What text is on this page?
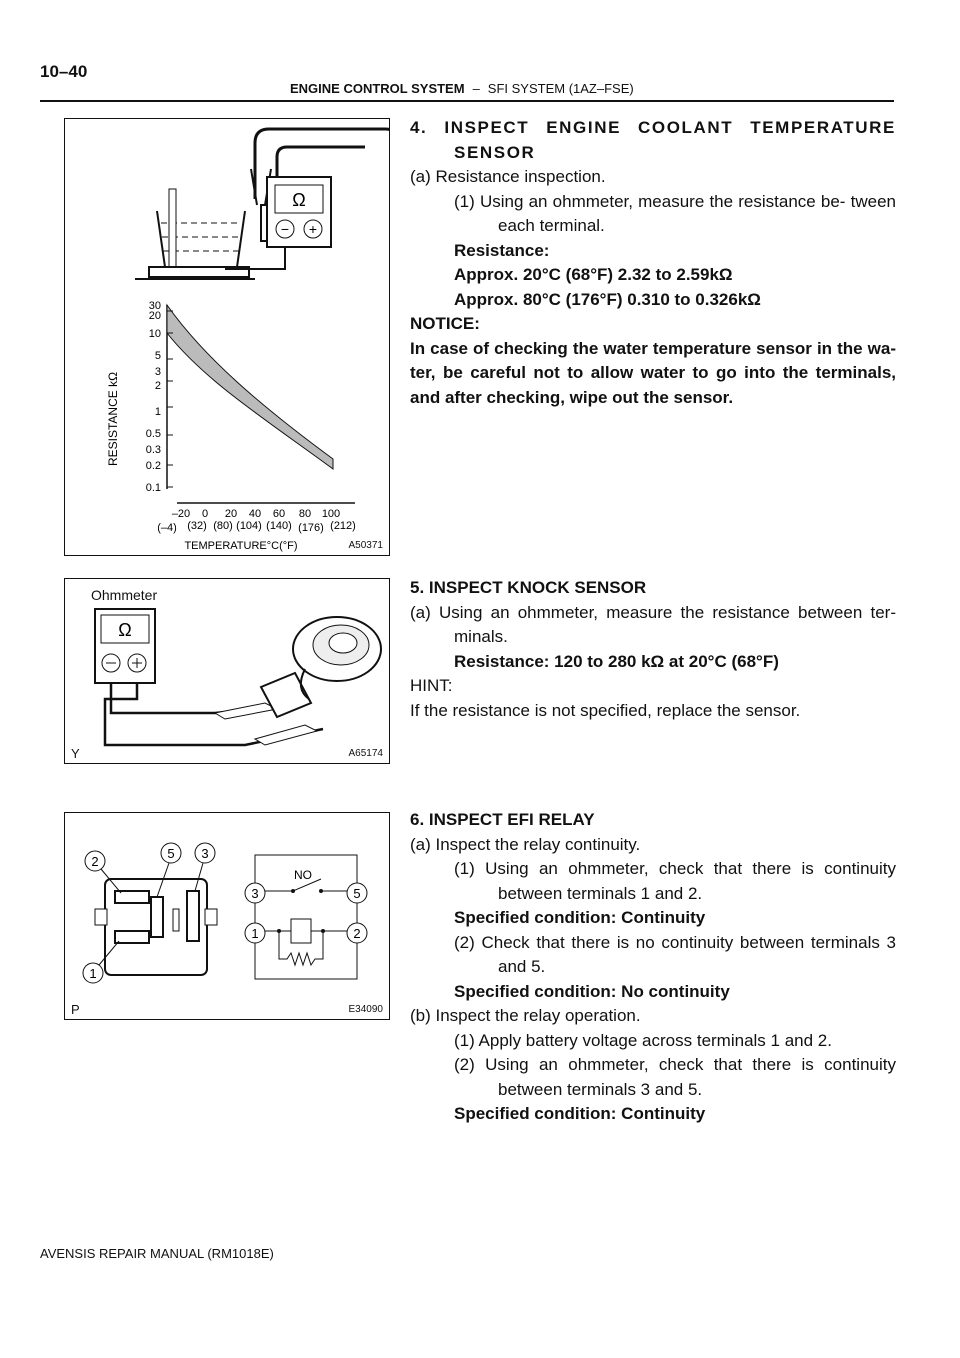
10–40
ENGINE CONTROL SYSTEM – SFI SYSTEM (1AZ–FSE)
Ω
− +
30
20
10
5
3
2
1
0.5
0.3
0.2
0.1
RESISTANCE kΩ
–20 0 20 40 60 80 100
(–4) (32) (80) (104) (140) (176) (212)
TEMPERATURE°C(°F)	A50371
Ω
Y
Ohmmeter
A65174
2
5 3
1
NO
3	5
1	2
P	E34090

4. INSPECT ENGINE COOLANT TEMPERATURE SENSOR

(a) Resistance inspection.

(1) Using an ohmmeter, measure the resistance be- tween each terminal.

Resistance:

Approx. 20°C (68°F) 2.32 to 2.59kΩ

Approx. 80°C (176°F) 0.310 to 0.326kΩ

NOTICE:

In case of checking the water temperature sensor in the wa- ter, be careful not to allow water to go into the terminals, and after checking, wipe out the sensor.

5. INSPECT KNOCK SENSOR

(a) Using an ohmmeter, measure the resistance between ter- minals.

Resistance: 120 to 280 kΩ at 20°C (68°F)

HINT:

If the resistance is not specified, replace the sensor.

6. INSPECT EFI RELAY

(a) Inspect the relay continuity.

(1) Using an ohmmeter, check that there is continuity between terminals 1 and 2.

Specified condition: Continuity

(2) Check that there is no continuity between terminals 3 and 5.

Specified condition: No continuity

(b) Inspect the relay operation.

(1) Apply battery voltage across terminals 1 and 2.

(2) Using an ohmmeter, check that there is continuity between terminals 3 and 5.

Specified condition: Continuity

AVENSIS REPAIR MANUAL (RM1018E)
